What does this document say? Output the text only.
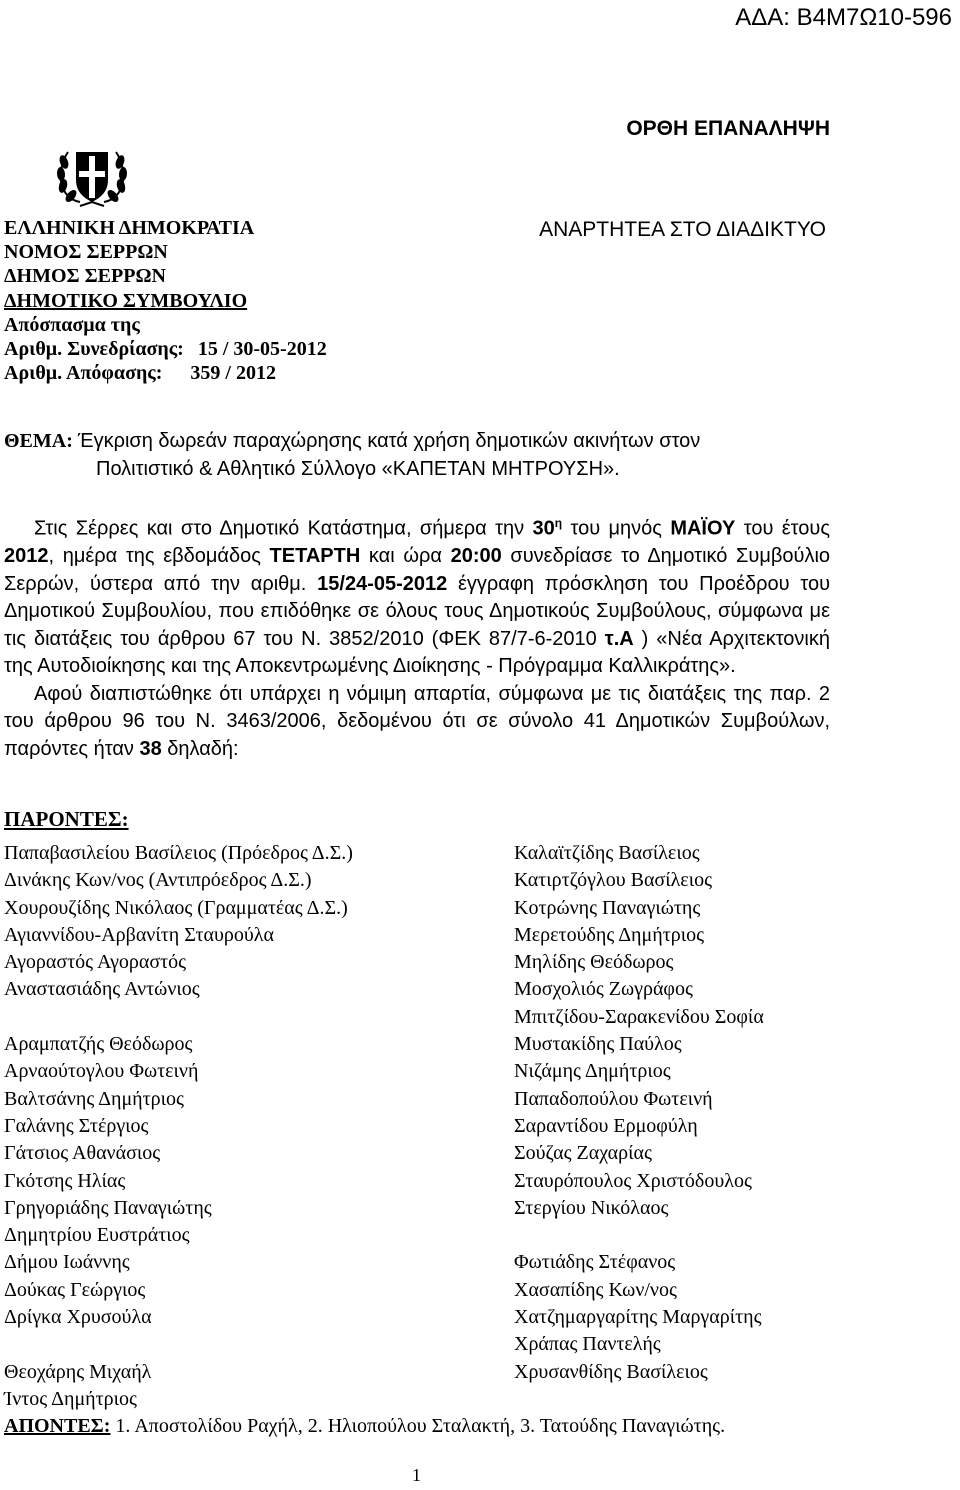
ΑΔΑ: Β4Μ7Ω10-596
ΟΡΘΗ ΕΠΑΝΑΛΗΨΗ
ΑΝΑΡΤΗΤΕΑ ΣΤΟ ΔΙΑΔΙΚΤΥΟ
ΕΛΛΗΝΙΚΗ ΔΗΜΟΚΡΑΤΙΑ
ΝΟΜΟΣ ΣΕΡΡΩΝ
ΔΗΜΟΣ ΣΕΡΡΩΝ
ΔΗΜΟΤΙΚΟ ΣΥΜΒΟΥΛΙΟ
Απόσπασμα της
Αριθμ. Συνεδρίασης: 15 / 30-05-2012
Αριθμ. Απόφασης: 359 / 2012
ΘΕΜΑ: Έγκριση δωρεάν παραχώρησης κατά χρήση δημοτικών ακινήτων στον
Πολιτιστικό & Αθλητικό Σύλλογο «ΚΑΠΕΤΑΝ ΜΗΤΡΟΥΣΗ».

Στις Σέρρες και στο Δημοτικό Κατάστημα, σήμερα την $30^\eta$ του μηνός ΜΑΪΟΥ του έτους 2012, ημέρα της εβδομάδος ΤΕΤΑΡΤΗ και ώρα 20:00 συνεδρίασε το Δημοτικό Συμβούλιο Σερρών, ύστερα από την αριθμ. 15/24-05-2012 έγγραφη πρόσκληση του Προέδρου του Δημοτικού Συμβουλίου, που επιδόθηκε σε όλους τους Δημοτικούς Συμβούλους, σύμφωνα με τις διατάξεις του άρθρου 67 του Ν. 3852/2010 (ΦΕΚ 87/7-6-2010 τ.Α ) «Νέα Αρχιτεκτονική της Αυτοδιοίκησης και της Αποκεντρωμένης Διοίκησης - Πρόγραμμα Καλλικράτης».

Αφού διαπιστώθηκε ότι υπάρχει η νόμιμη απαρτία, σύμφωνα με τις διατάξεις της παρ. 2 του άρθρου 96 του Ν. 3463/2006, δεδομένου ότι σε σύνολο 41 Δημοτικών Συμβούλων, παρόντες ήταν 38 δηλαδή:

ΠΑΡΟΝΤΕΣ:
Παπαβασιλείου Βασίλειος (Πρόεδρος Δ.Σ.)
Δινάκης Κων/νος (Αντιπρόεδρος Δ.Σ.)
Χουρουζίδης Νικόλαος (Γραμματέας Δ.Σ.)
Αγιαννίδου-Αρβανίτη Σταυρούλα
Αγοραστός Αγοραστός
Αναστασιάδης Αντώνιος
Αραμπατζής Θεόδωρος
Αρναούτογλου Φωτεινή
Βαλτσάνης Δημήτριος
Γαλάνης Στέργιος
Γάτσιος Αθανάσιος
Γκότσης Ηλίας
Γρηγοριάδης Παναγιώτης
Δημητρίου Ευστράτιος
Δήμου Ιωάννης
Δούκας Γεώργιος
Δρίγκα Χρυσούλα
Θεοχάρης Μιχαήλ
Ίντος Δημήτριος
Καλαϊτζίδης Βασίλειος
Κατιρτζόγλου Βασίλειος
Κοτρώνης Παναγιώτης
Μερετούδης Δημήτριος
Μηλίδης Θεόδωρος
Μοσχολιός Ζωγράφος
Μπιτζίδου-Σαρακενίδου Σοφία
Μυστακίδης Παύλος
Νιζάμης Δημήτριος
Παπαδοπούλου Φωτεινή
Σαραντίδου Ερμοφύλη
Σούζας Ζαχαρίας
Σταυρόπουλος Χριστόδουλος
Στεργίου Νικόλαος
Φωτιάδης Στέφανος
Χασαπίδης Κων/νος
Χατζημαργαρίτης Μαργαρίτης
Χράπας Παντελής
Χρυσανθίδης Βασίλειος
ΑΠΟΝΤΕΣ: 1. Αποστολίδου Ραχήλ, 2. Ηλιοπούλου Σταλακτή, 3. Τατούδης Παναγιώτης.
1
